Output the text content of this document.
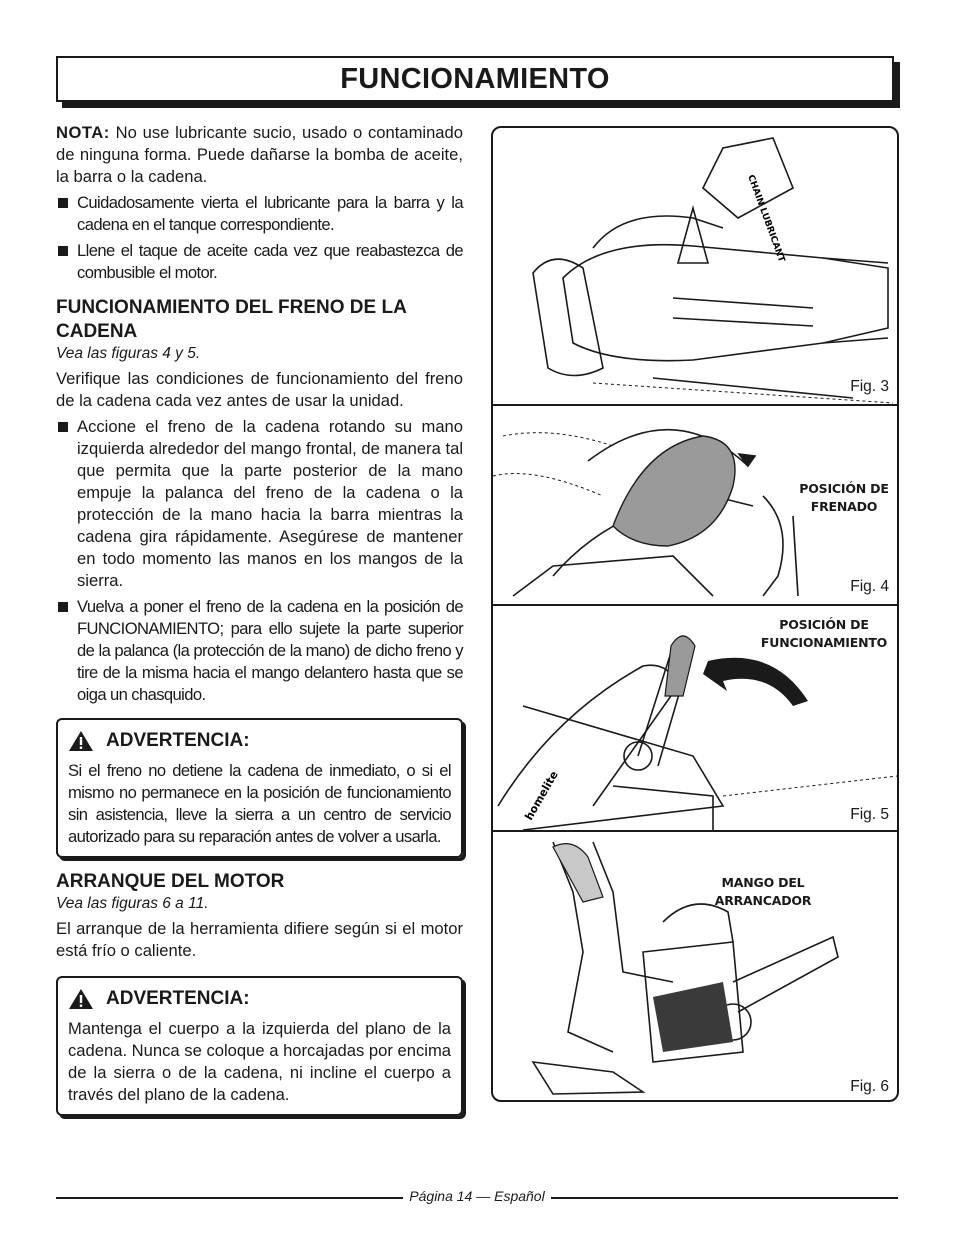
FUNCIONAMIENTO

NOTA: No use lubricante sucio, usado o contaminado de ninguna forma. Puede dañarse la bomba de aceite, la barra o la cadena.

Cuidadosamente vierta el lubricante para la barra y la cadena en el tanque correspondiente.
Llene el taque de aceite cada vez que reabastezca de combusible el motor.
FUNCIONAMIENTO DEL FRENO DE LA CADENA
Vea las figuras 4 y 5.

Verifique las condiciones de funcionamiento del freno de la cadena cada vez antes de usar la unidad.

Accione el freno de la cadena rotando su mano izquierda alrededor del mango frontal, de manera tal que permita que la parte posterior de la mano empuje la palanca del freno de la cadena o la protección de la mano hacia la barra mientras la cadena gira rápidamente. Asegúrese de mantener en todo momento las manos en los mangos de la sierra.
Vuelva a poner el freno de la cadena en la posición de FUNCIONAMIENTO; para ello sujete la parte superior de la palanca (la protección de la mano) de dicho freno y tire de la misma hacia el mango delantero hasta que se oiga un chasquido.
ADVERTENCIA:
Si el freno no detiene la cadena de inmediato, o si el mismo no permanece en la posición de funcionamiento sin asistencia, lleve la sierra a un centro de servicio autorizado para su reparación antes de volver a usarla.
ARRANQUE DEL MOTOR
Vea las figuras 6 a 11.

El arranque de la herramienta difiere según si el motor está frío o caliente.

ADVERTENCIA:
Mantenga el cuerpo a la izquierda del plano de la cadena. Nunca se coloque a horcajadas por encima de la sierra o de la cadena, ni incline el cuerpo a través del plano de la cadena.
CHAIN LUBRICANT
Fig. 3
POSICIÓN DE
FRENADO
Fig. 4
homelite
POSICIÓN DE
FUNCIONAMIENTO
Fig. 5
MANGO DEL
ARRANCADOR
Fig. 6
Página 14 — Español
